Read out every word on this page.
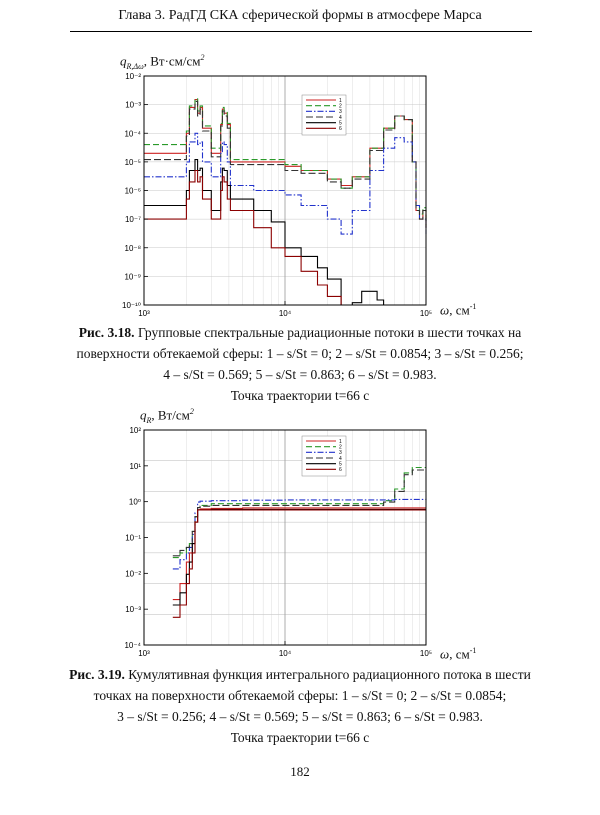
Глава 3. РадГД СКА сферической формы в атмосфере Марса
$q_{R,\Delta\omega}$, $Вт\cdot см/см^2$
10⁻¹⁰
10⁻⁹
10⁻⁸
10⁻⁷
10⁻⁶
10⁻⁵
10⁻⁴
10⁻³
10⁻²
10³	10⁴	10⁵
1
2
3
4
5
6
10⁻⁴
10⁻³
10⁻²
10⁻¹
10⁰
10¹
10²
10³	10⁴	10⁵
1
2
3
4
5
6
ω, $см^{-1}$
Рис. 3.18. Групповые спектральные радиационные потоки в шести точках на
поверхности обтекаемой сферы: 1 – s/St = 0; 2 – s/St = 0.0854; 3 – s/St = 0.256;
4 – s/St = 0.569; 5 – s/St = 0.863; 6 – s/St = 0.983.
Точка траектории t=66 с
$q_R$, $Вт/см^2$
ω, $см^{-1}$
Рис. 3.19. Кумулятивная функция интегрального радиационного потока в шести
точках на поверхности обтекаемой сферы: 1 – s/St = 0; 2 – s/St = 0.0854;
3 – s/St = 0.256; 4 – s/St = 0.569; 5 – s/St = 0.863; 6 – s/St = 0.983.
Точка траектории t=66 с
182
